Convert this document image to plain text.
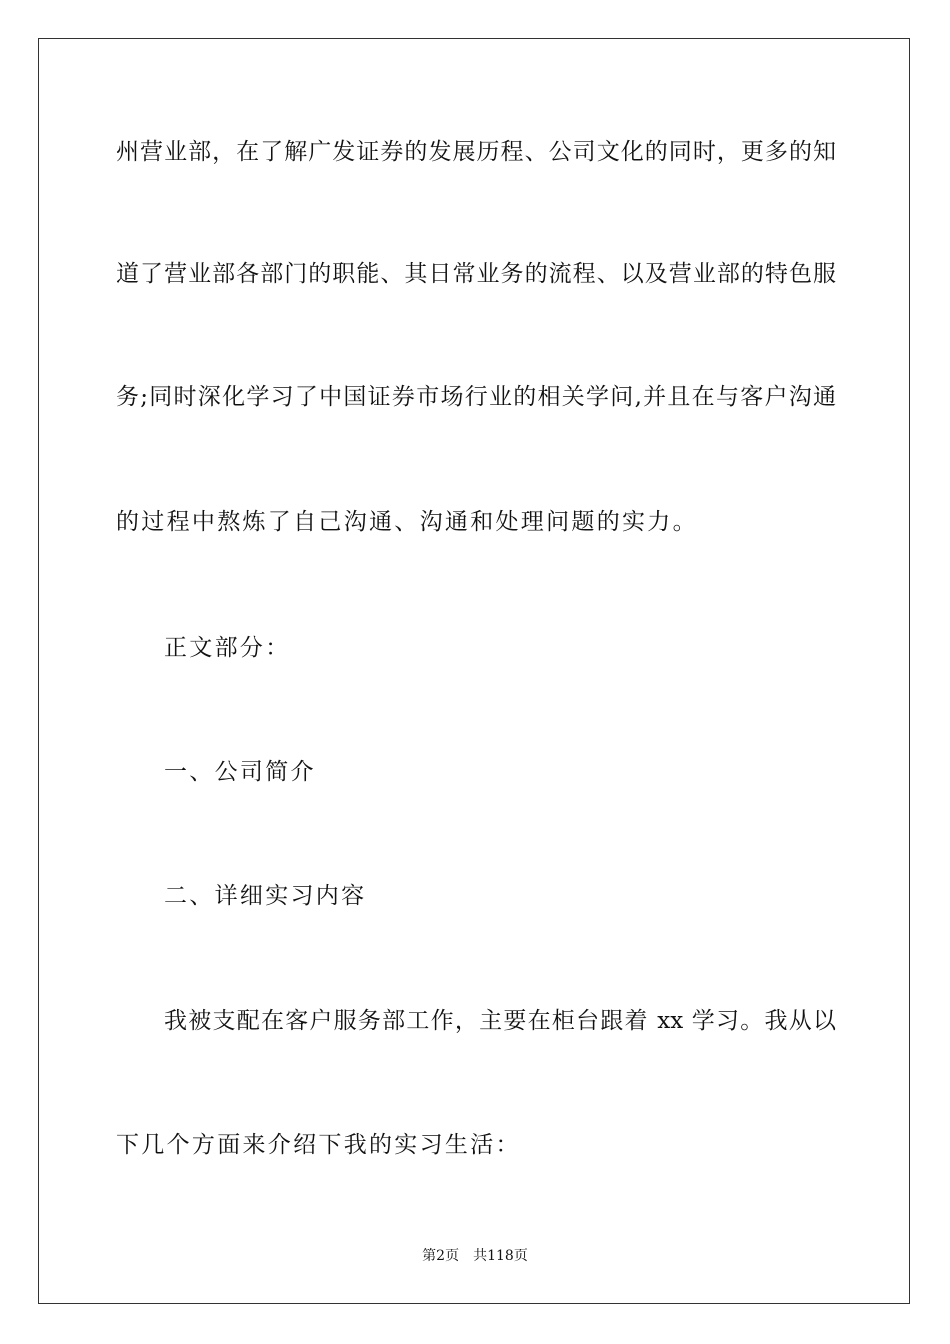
州营业部，在了解广发证券的发展历程、公司文化的同时，更多的知
道了营业部各部门的职能、其日常业务的流程、以及营业部的特色服
务;同时深化学习了中国证券市场行业的相关学问,并且在与客户沟通
的过程中熬炼了自己沟通、沟通和处理问题的实力。
正文部分：
一、公司简介
二、详细实习内容
我被支配在客户服务部工作，主要在柜台跟着 xx 学习。我从以
下几个方面来介绍下我的实习生活：
第2页 共118页
